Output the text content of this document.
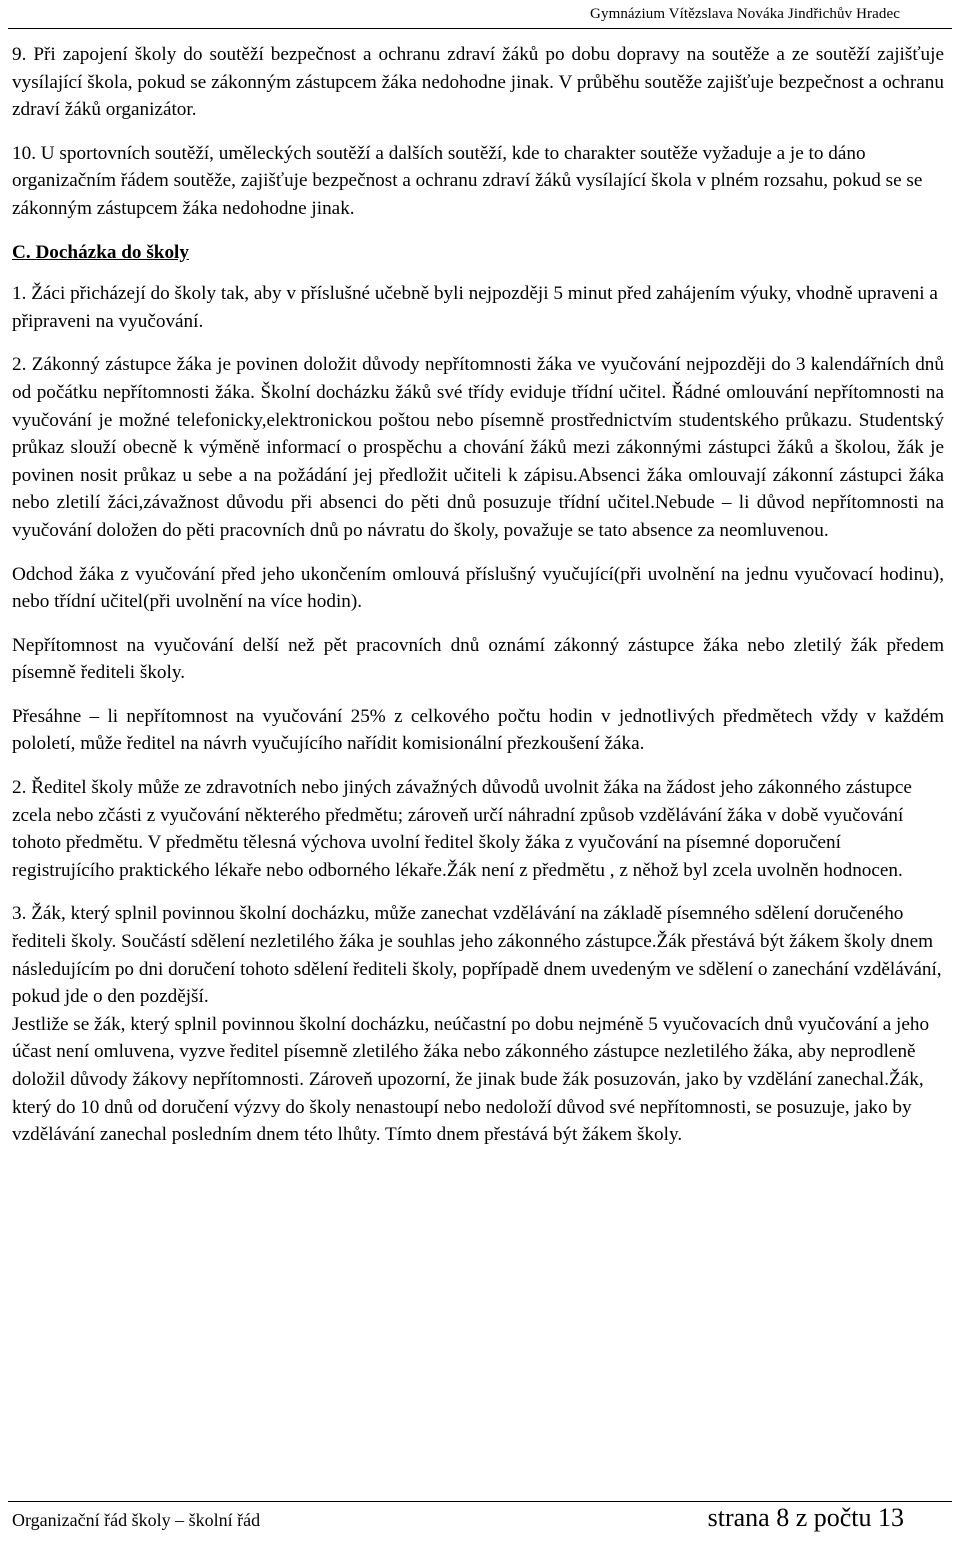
Gymnázium Vítězslava Nováka Jindřichův Hradec

9. Při zapojení školy do soutěží bezpečnost a ochranu zdraví žáků po dobu dopravy na soutěže a ze soutěží zajišťuje vysílající škola, pokud se zákonným zástupcem žáka nedohodne jinak. V průběhu soutěže zajišťuje bezpečnost a ochranu zdraví žáků organizátor.

10. U sportovních soutěží, uměleckých soutěží a dalších soutěží, kde to charakter soutěže vyžaduje a je to dáno organizačním řádem soutěže, zajišťuje bezpečnost a ochranu zdraví žáků vysílající škola v plném rozsahu, pokud se se zákonným zástupcem žáka nedohodne jinak.

C. Docházka do školy

1. Žáci přicházejí do školy tak, aby v příslušné učebně byli nejpozději 5 minut před zahájením výuky, vhodně upraveni a připraveni na vyučování.

2. Zákonný zástupce žáka je povinen doložit důvody nepřítomnosti žáka ve vyučování nejpozději do 3 kalendářních dnů od počátku nepřítomnosti žáka. Školní docházku žáků své třídy eviduje třídní učitel. Řádné omlouvání nepřítomnosti na vyučování je možné telefonicky,elektronickou poštou nebo písemně prostřednictvím studentského průkazu. Studentský průkaz slouží obecně k výměně informací o prospěchu a chování žáků mezi zákonnými zástupci žáků a školou, žák je povinen nosit průkaz u sebe a na požádání jej předložit učiteli k zápisu.Absenci žáka omlouvají zákonní zástupci žáka nebo zletilí žáci,závažnost důvodu při absenci do pěti dnů posuzuje třídní učitel.Nebude – li důvod nepřítomnosti na vyučování doložen do pěti pracovních dnů po návratu do školy, považuje se tato absence za neomluvenou.

Odchod žáka z vyučování před jeho ukončením omlouvá příslušný vyučující(při uvolnění na jednu vyučovací hodinu), nebo třídní učitel(při uvolnění na více hodin).

Nepřítomnost na vyučování delší než pět pracovních dnů oznámí zákonný zástupce žáka nebo zletilý žák předem písemně řediteli školy.

Přesáhne – li nepřítomnost na vyučování 25% z celkového počtu hodin v jednotlivých předmětech vždy v každém pololetí, může ředitel na návrh vyučujícího nařídit komisionální přezkoušení žáka.

2. Ředitel školy může ze zdravotních nebo jiných závažných důvodů uvolnit žáka na žádost jeho zákonného zástupce zcela nebo zčásti z vyučování některého předmětu; zároveň určí náhradní způsob vzdělávání žáka v době vyučování tohoto předmětu. V předmětu tělesná výchova uvolní ředitel školy žáka z vyučování na písemné doporučení registrujícího praktického lékaře nebo odborného lékaře.Žák není z předmětu , z něhož byl zcela uvolněn hodnocen.

3. Žák, který splnil povinnou školní docházku, může zanechat vzdělávání na základě písemného sdělení doručeného řediteli školy. Součástí sdělení nezletilého žáka je souhlas jeho zákonného zástupce.Žák přestává být žákem školy dnem následujícím po dni doručení tohoto sdělení řediteli školy, popřípadě dnem uvedeným ve sdělení o zanechání vzdělávání, pokud jde o den pozdější.

Jestliže se žák, který splnil povinnou školní docházku, neúčastní po dobu nejméně 5 vyučovacích dnů vyučování a jeho účast není omluvena, vyzve ředitel písemně zletilého žáka nebo zákonného zástupce nezletilého žáka, aby neprodleně doložil důvody žákovy nepřítomnosti. Zároveň upozorní, že jinak bude žák posuzován, jako by vzdělání zanechal.Žák, který do 10 dnů od doručení výzvy do školy nenastoupí nebo nedoloží důvod své nepřítomnosti, se posuzuje, jako by vzdělávání zanechal posledním dnem této lhůty. Tímto dnem přestává být žákem školy.

Organizační řád školy – školní řád	strana 8 z počtu 13
